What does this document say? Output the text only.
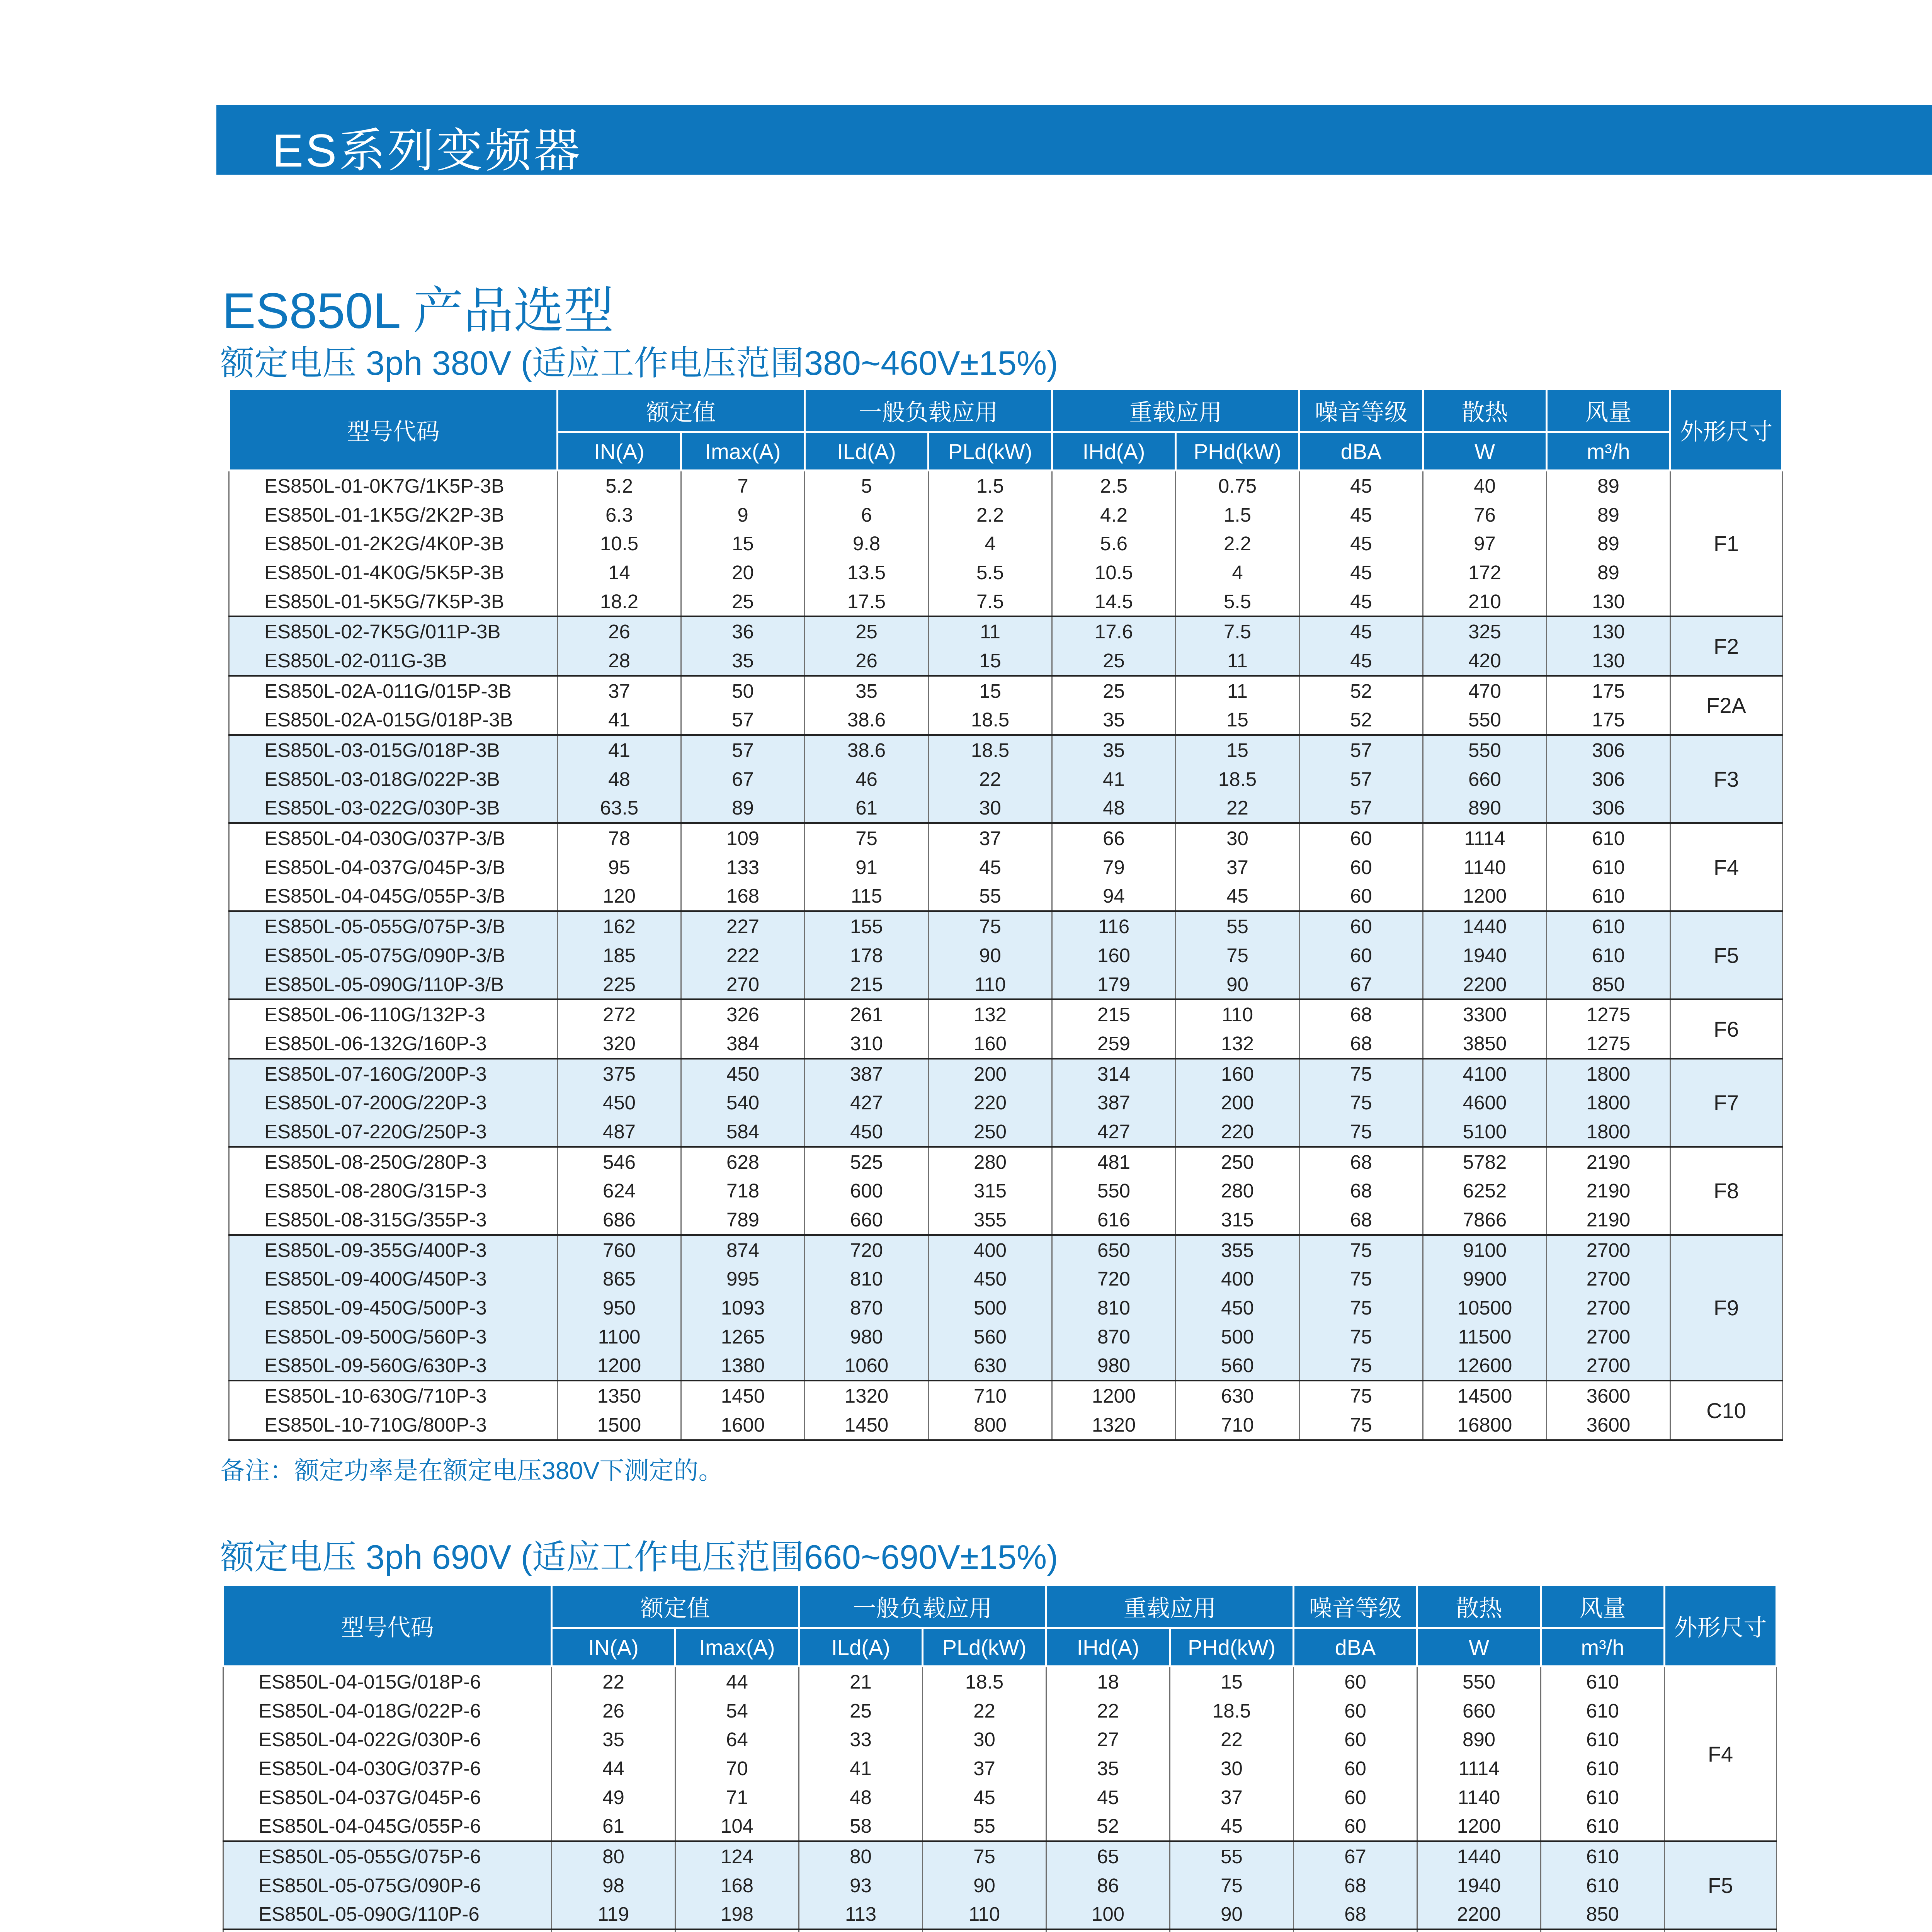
ES系列变频器
ES850L 产品选型
额定电压 3ph 380V (适应工作电压范围380~460V±15%)
型号代码	额定值		一般负载应用		重载应用		噪音等级	散热	风量	外形尺寸
	IN(A)	Imax(A)	ILd(A)	PLd(kW)	IHd(A)	PHd(kW)	dBA	W	m³/h	
ES850L-01-0K7G/1K5P-3B	5.2	7	5	1.5	2.5	0.75	45	40	89	F1
ES850L-01-1K5G/2K2P-3B	6.3	9	6	2.2	4.2	1.5	45	76	89	
ES850L-01-2K2G/4K0P-3B	10.5	15	9.8	4	5.6	2.2	45	97	89	
ES850L-01-4K0G/5K5P-3B	14	20	13.5	5.5	10.5	4	45	172	89	
ES850L-01-5K5G/7K5P-3B	18.2	25	17.5	7.5	14.5	5.5	45	210	130	
ES850L-02-7K5G/011P-3B	26	36	25	11	17.6	7.5	45	325	130	F2
ES850L-02-011G-3B	28	35	26	15	25	11	45	420	130	
ES850L-02A-011G/015P-3B	37	50	35	15	25	11	52	470	175	F2A
ES850L-02A-015G/018P-3B	41	57	38.6	18.5	35	15	52	550	175	
ES850L-03-015G/018P-3B	41	57	38.6	18.5	35	15	57	550	306	F3
ES850L-03-018G/022P-3B	48	67	46	22	41	18.5	57	660	306	
ES850L-03-022G/030P-3B	63.5	89	61	30	48	22	57	890	306	
ES850L-04-030G/037P-3/B	78	109	75	37	66	30	60	1114	610	F4
ES850L-04-037G/045P-3/B	95	133	91	45	79	37	60	1140	610	
ES850L-04-045G/055P-3/B	120	168	115	55	94	45	60	1200	610	
ES850L-05-055G/075P-3/B	162	227	155	75	116	55	60	1440	610	F5
ES850L-05-075G/090P-3/B	185	222	178	90	160	75	60	1940	610	
ES850L-05-090G/110P-3/B	225	270	215	110	179	90	67	2200	850	
ES850L-06-110G/132P-3	272	326	261	132	215	110	68	3300	1275	F6
ES850L-06-132G/160P-3	320	384	310	160	259	132	68	3850	1275	
ES850L-07-160G/200P-3	375	450	387	200	314	160	75	4100	1800	F7
ES850L-07-200G/220P-3	450	540	427	220	387	200	75	4600	1800	
ES850L-07-220G/250P-3	487	584	450	250	427	220	75	5100	1800	
ES850L-08-250G/280P-3	546	628	525	280	481	250	68	5782	2190	F8
ES850L-08-280G/315P-3	624	718	600	315	550	280	68	6252	2190	
ES850L-08-315G/355P-3	686	789	660	355	616	315	68	7866	2190	
ES850L-09-355G/400P-3	760	874	720	400	650	355	75	9100	2700	F9
ES850L-09-400G/450P-3	865	995	810	450	720	400	75	9900	2700	
ES850L-09-450G/500P-3	950	1093	870	500	810	450	75	10500	2700	
ES850L-09-500G/560P-3	1100	1265	980	560	870	500	75	11500	2700	
ES850L-09-560G/630P-3	1200	1380	1060	630	980	560	75	12600	2700	
ES850L-10-630G/710P-3	1350	1450	1320	710	1200	630	75	14500	3600	C10
ES850L-10-710G/800P-3	1500	1600	1450	800	1320	710	75	16800	3600	
备注：额定功率是在额定电压380V下测定的。
额定电压 3ph 690V (适应工作电压范围660~690V±15%)
型号代码	额定值		一般负载应用		重载应用		噪音等级	散热	风量	外形尺寸
	IN(A)	Imax(A)	ILd(A)	PLd(kW)	IHd(A)	PHd(kW)	dBA	W	m³/h	
ES850L-04-015G/018P-6	22	44	21	18.5	18	15	60	550	610	F4
ES850L-04-018G/022P-6	26	54	25	22	22	18.5	60	660	610	
ES850L-04-022G/030P-6	35	64	33	30	27	22	60	890	610	
ES850L-04-030G/037P-6	44	70	41	37	35	30	60	1114	610	
ES850L-04-037G/045P-6	49	71	48	45	45	37	60	1140	610	
ES850L-04-045G/055P-6	61	104	58	55	52	45	60	1200	610	
ES850L-05-055G/075P-6	80	124	80	75	65	55	67	1440	610	F5
ES850L-05-075G/090P-6	98	168	93	90	86	75	68	1940	610	
ES850L-05-090G/110P-6	119	198	113	110	100	90	68	2200	850	
